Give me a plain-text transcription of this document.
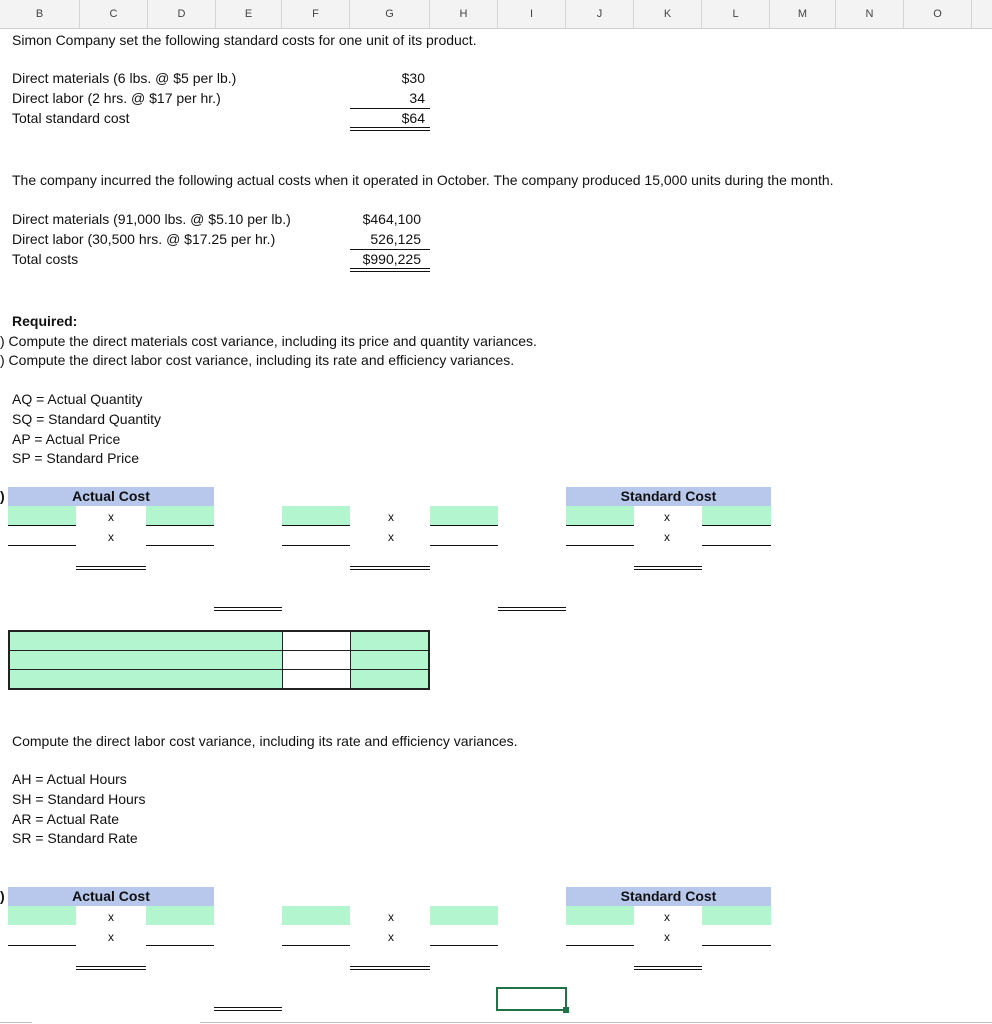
B	C	D	E	F	G	H	I	J	K	L	M	N	O
Simon Company set the following standard costs for one unit of its product.
Direct materials (6 lbs. @ $5 per lb.)	$30
Direct labor (2 hrs. @ $17 per hr.)	34
Total standard cost	$64
The company incurred the following actual costs when it operated in October. The company produced 15,000 units during the month.
Direct materials (91,000 lbs. @ $5.10 per lb.)	$464,100
Direct labor (30,500 hrs. @ $17.25 per hr.)	526,125
Total costs	$990,225
Required:
) Compute the direct materials cost variance, including its price and quantity variances.
) Compute the direct labor cost variance, including its rate and efficiency variances.
AQ = Actual Quantity
SQ = Standard Quantity
AP = Actual Price
SP = Standard Price
)	Actual Cost	Standard Cost
x	x	x
x	x	x
Compute the direct labor cost variance, including its rate and efficiency variances.
AH = Actual Hours
SH = Standard Hours
AR = Actual Rate
SR = Standard Rate
)	Actual Cost	Standard Cost
x	x	x
x	x	x
